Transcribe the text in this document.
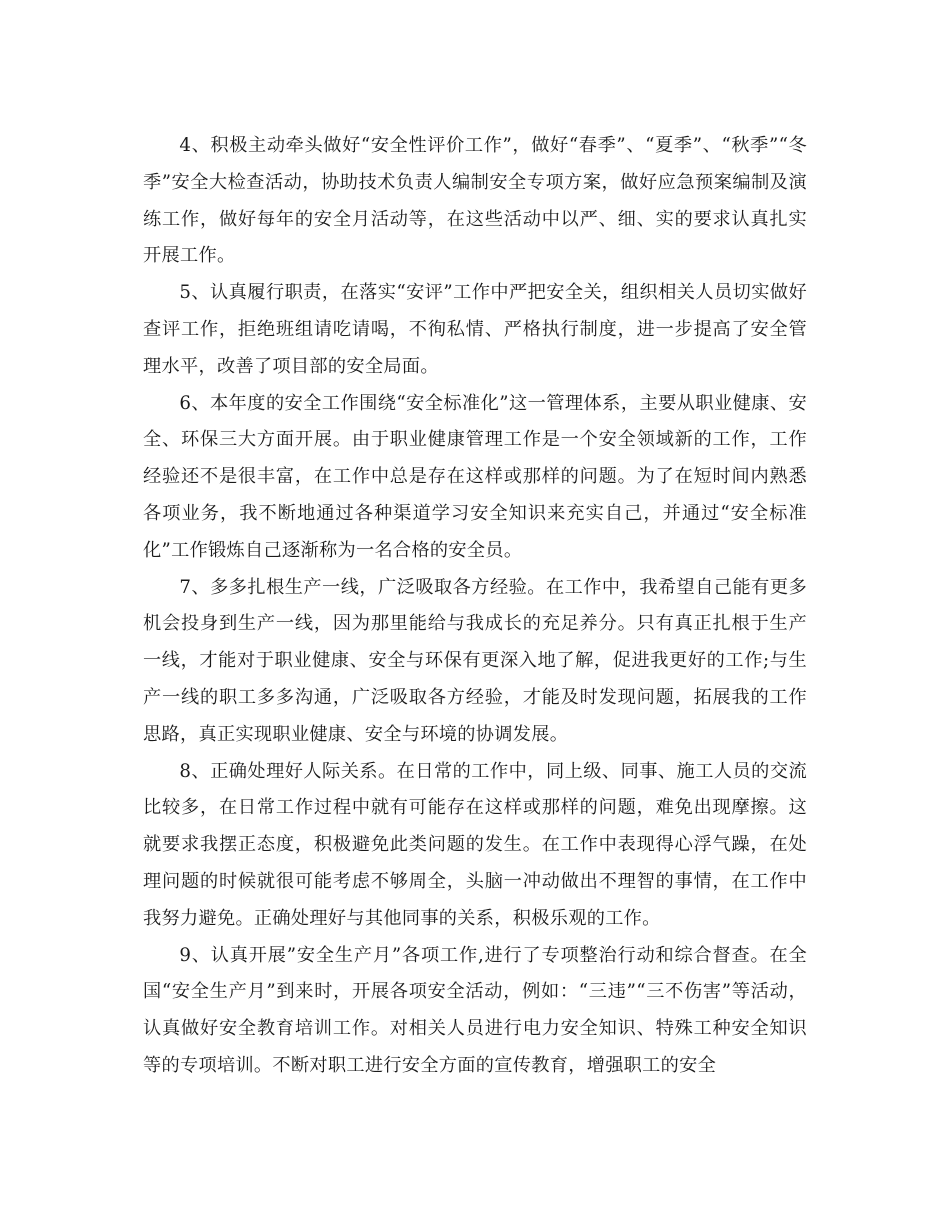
4、积极主动牵头做好“安全性评价工作”，做好“春季”、“夏季”、“秋季”“冬季”安全大检查活动，协助技术负责人编制安全专项方案，做好应急预案编制及演练工作，做好每年的安全月活动等，在这些活动中以严、细、实的要求认真扎实开展工作。

5、认真履行职责，在落实“安评”工作中严把安全关，组织相关人员切实做好查评工作，拒绝班组请吃请喝，不徇私情、严格执行制度，进一步提高了安全管理水平，改善了项目部的安全局面。

6、本年度的安全工作围绕“安全标准化”这一管理体系，主要从职业健康、安全、环保三大方面开展。由于职业健康管理工作是一个安全领域新的工作，工作经验还不是很丰富，在工作中总是存在这样或那样的问题。为了在短时间内熟悉各项业务，我不断地通过各种渠道学习安全知识来充实自己，并通过“安全标准化”工作锻炼自己逐渐称为一名合格的安全员。

7、多多扎根生产一线，广泛吸取各方经验。在工作中，我希望自己能有更多机会投身到生产一线，因为那里能给与我成长的充足养分。只有真正扎根于生产一线，才能对于职业健康、安全与环保有更深入地了解，促进我更好的工作;与生产一线的职工多多沟通，广泛吸取各方经验，才能及时发现问题，拓展我的工作思路，真正实现职业健康、安全与环境的协调发展。

8、正确处理好人际关系。在日常的工作中，同上级、同事、施工人员的交流比较多，在日常工作过程中就有可能存在这样或那样的问题，难免出现摩擦。这就要求我摆正态度，积极避免此类问题的发生。在工作中表现得心浮气躁，在处理问题的时候就很可能考虑不够周全，头脑一冲动做出不理智的事情，在工作中我努力避免。正确处理好与其他同事的关系，积极乐观的工作。

9、认真开展”安全生产月”各项工作,进行了专项整治行动和综合督查。在全国“安全生产月”到来时，开展各项安全活动，例如：“三违”“三不伤害”等活动，认真做好安全教育培训工作。对相关人员进行电力安全知识、特殊工种安全知识等的专项培训。不断对职工进行安全方面的宣传教育，增强职工的安全
